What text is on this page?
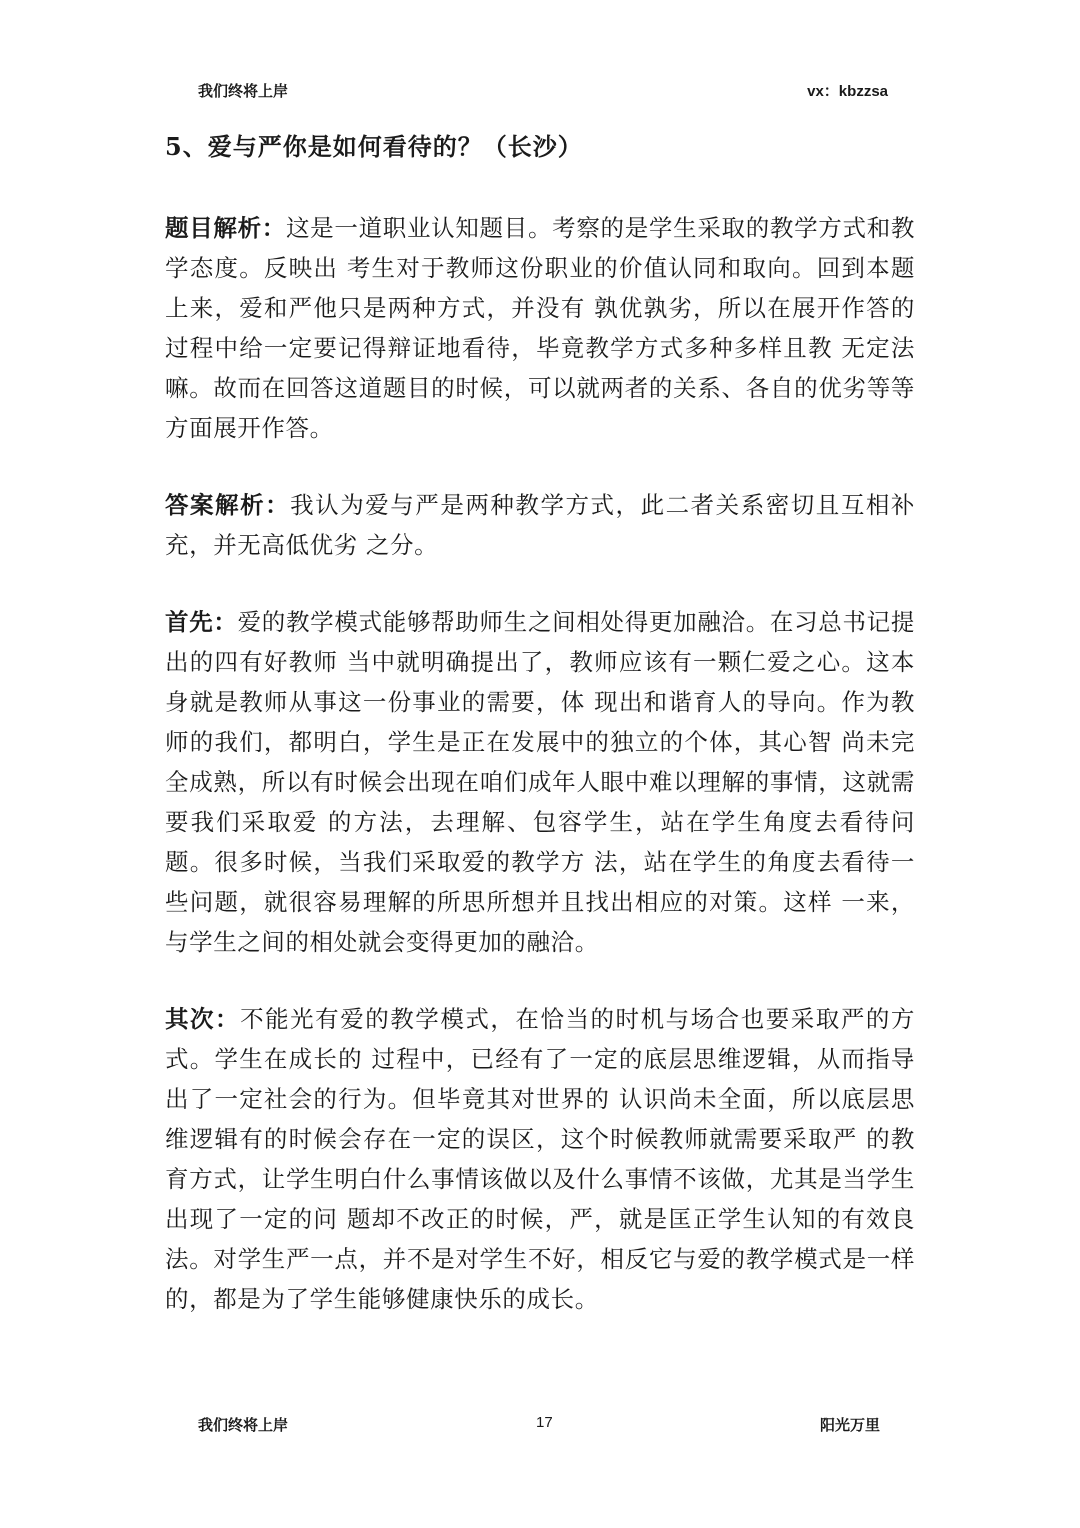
我们终将上岸	vx：kbzzsa
5、爱与严你是如何看待的？（长沙）

题目解析：这是一道职业认知题目。考察的是学生采取的教学方式和教学态度。反映出 考生对于教师这份职业的价值认同和取向。回到本题上来，爱和严他只是两种方式，并没有 孰优孰劣，所以在展开作答的过程中给一定要记得辩证地看待，毕竟教学方式多种多样且教 无定法嘛。故而在回答这道题目的时候，可以就两者的关系、各自的优劣等等方面展开作答。

答案解析：我认为爱与严是两种教学方式，此二者关系密切且互相补充，并无高低优劣 之分。

首先：爱的教学模式能够帮助师生之间相处得更加融洽。在习总书记提出的四有好教师 当中就明确提出了，教师应该有一颗仁爱之心。这本身就是教师从事这一份事业的需要，体 现出和谐育人的导向。作为教师的我们，都明白，学生是正在发展中的独立的个体，其心智 尚未完全成熟，所以有时候会出现在咱们成年人眼中难以理解的事情，这就需要我们采取爱 的方法，去理解、包容学生，站在学生角度去看待问题。很多时候，当我们采取爱的教学方 法，站在学生的角度去看待一些问题，就很容易理解的所思所想并且找出相应的对策。这样 一来，与学生之间的相处就会变得更加的融洽。

其次：不能光有爱的教学模式，在恰当的时机与场合也要采取严的方式。学生在成长的 过程中，已经有了一定的底层思维逻辑，从而指导出了一定社会的行为。但毕竟其对世界的 认识尚未全面，所以底层思维逻辑有的时候会存在一定的误区，这个时候教师就需要采取严 的教育方式，让学生明白什么事情该做以及什么事情不该做，尤其是当学生出现了一定的问 题却不改正的时候，严，就是匡正学生认知的有效良法。对学生严一点，并不是对学生不好，相反它与爱的教学模式是一样的，都是为了学生能够健康快乐的成长。

我们终将上岸	17	阳光万里
